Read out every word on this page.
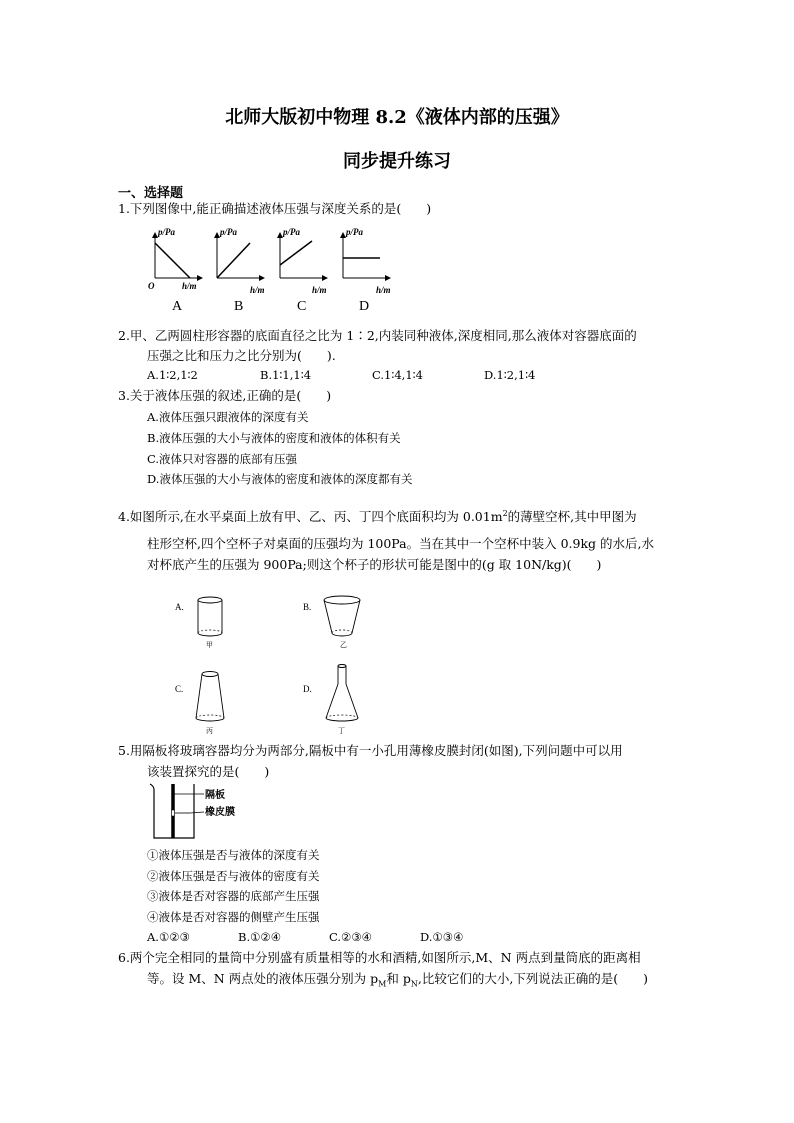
北师大版初中物理 8.2《液体内部的压强》
同步提升练习
一、选择题
1.下列图像中,能正确描述液体压强与深度关系的是(　　)
p/Pa
h/m
O
p/Pa
h/m
p/Pa
h/m
p/Pa
h/m
A	B	C	D
2.甲、乙两圆柱形容器的底面直径之比为 1∶2,内装同种液体,深度相同,那么液体对容器底面的
压强之比和压力之比分别为(　　).
A.1∶2,1∶2	B.1∶1,1∶4	C.1∶4,1∶4	D.1∶2,1∶4
3.关于液体压强的叙述,正确的是(　　)
A.液体压强只跟液体的深度有关
B.液体压强的大小与液体的密度和液体的体积有关
C.液体只对容器的底部有压强
D.液体压强的大小与液体的密度和液体的深度都有关
4.如图所示,在水平桌面上放有甲、乙、丙、丁四个底面积均为 $0.01m^2$的薄壁空杯,其中甲图为
柱形空杯,四个空杯子对桌面的压强均为 100Pa。当在其中一个空杯中装入 0.9kg 的水后,水
对杯底产生的压强为 900Pa;则这个杯子的形状可能是图中的(g 取 10N/kg)(　　)
A.
甲
B.
乙
C.
丙
D.
丁
5.用隔板将玻璃容器均分为两部分,隔板中有一小孔用薄橡皮膜封闭(如图),下列问题中可以用
该装置探究的是(　　)
隔板
橡皮膜
①液体压强是否与液体的深度有关
②液体压强是否与液体的密度有关
③液体是否对容器的底部产生压强
④液体是否对容器的侧壁产生压强
A.①②③	B.①②④	C.②③④	D.①③④
6.两个完全相同的量筒中分别盛有质量相等的水和酒精,如图所示,M、N 两点到量筒底的距离相
等。设 M、N 两点处的液体压强分别为 $p_M$和 $p_N$,比较它们的大小,下列说法正确的是(　　)
